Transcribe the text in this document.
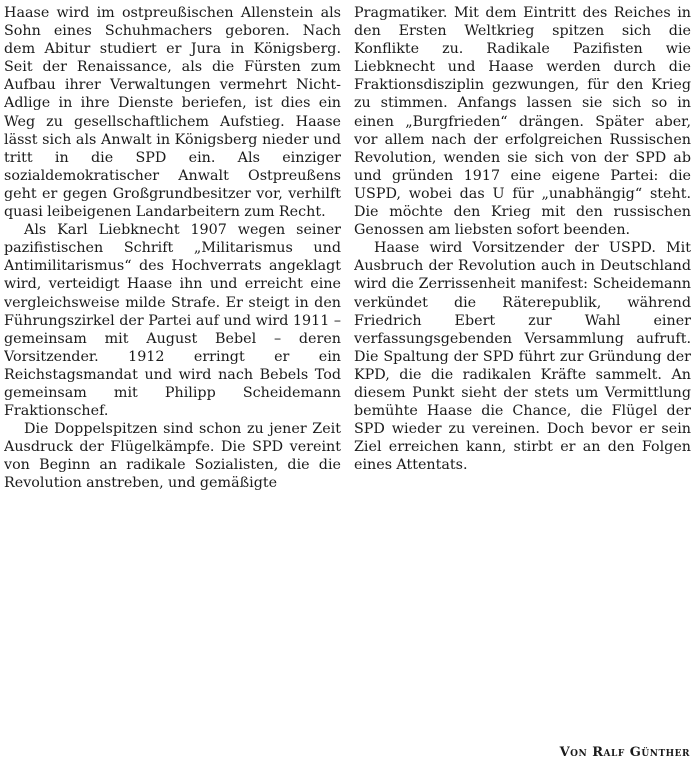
Haase wird im ostpreußischen Allenstein als Sohn eines Schuhmachers geboren. Nach dem Abitur studiert er Jura in Königsberg. Seit der Renaissance, als die Fürsten zum Aufbau ihrer Verwaltungen vermehrt Nicht-Adlige in ihre Dienste beriefen, ist dies ein Weg zu gesellschaftlichem Aufstieg. Haase lässt sich als Anwalt in Königsberg nieder und tritt in die SPD ein. Als einziger sozialdemokratischer Anwalt Ostpreußens geht er gegen Großgrundbesitzer vor, verhilft quasi leibeigenen Landarbeitern zum Recht.

Als Karl Liebknecht 1907 wegen seiner pazifistischen Schrift „Militarismus und Antimilitarismus“ des Hochverrats angeklagt wird, verteidigt Haase ihn und erreicht eine vergleichsweise milde Strafe. Er steigt in den Führungszirkel der Partei auf und wird 1911 – gemeinsam mit August Bebel – deren Vorsitzender. 1912 erringt er ein Reichstagsmandat und wird nach Bebels Tod gemeinsam mit Philipp Scheidemann Fraktionschef.

Die Doppelspitzen sind schon zu jener Zeit Ausdruck der Flügelkämpfe. Die SPD vereint von Beginn an radikale Sozialisten, die die Revolution anstreben, und gemäßigte

Pragmatiker. Mit dem Eintritt des Reiches in den Ersten Weltkrieg spitzen sich die Konflikte zu. Radikale Pazifisten wie Liebknecht und Haase werden durch die Fraktionsdisziplin gezwungen, für den Krieg zu stimmen. Anfangs lassen sie sich so in einen „Burgfrieden“ drängen. Später aber, vor allem nach der erfolgreichen Russischen Revolution, wenden sie sich von der SPD ab und gründen 1917 eine eigene Partei: die USPD, wobei das U für „unabhängig“ steht. Die möchte den Krieg mit den russischen Genossen am liebsten sofort beenden.

Haase wird Vorsitzender der USPD. Mit Ausbruch der Revolution auch in Deutschland wird die Zerrissenheit manifest: Scheidemann verkündet die Räterepublik, während Friedrich Ebert zur Wahl einer verfassungsgebenden Versammlung aufruft. Die Spaltung der SPD führt zur Gründung der KPD, die die radikalen Kräfte sammelt. An diesem Punkt sieht der stets um Vermittlung bemühte Haase die Chance, die Flügel der SPD wieder zu vereinen. Doch bevor er sein Ziel erreichen kann, stirbt er an den Folgen eines Attentats.

Von Ralf Günther
